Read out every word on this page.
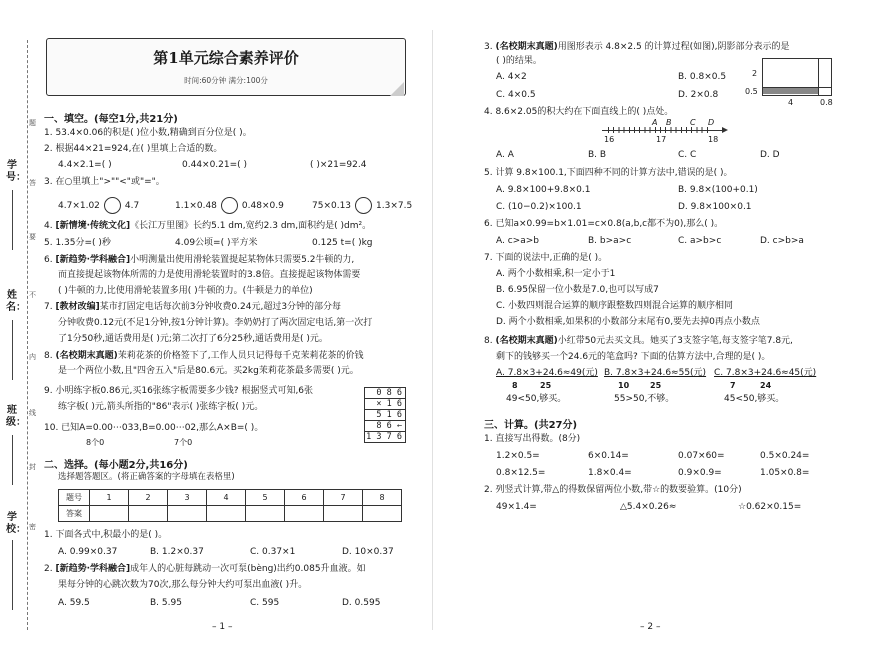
学号：
姓名：
班级：
学校：
题
答
要
不
内
线
封
密
第1单元综合素养评价
时间:60分钟 满分:100分
一、填空。(每空1分,共21分)
1. 53.4×0.06的积是( )位小数,精确到百分位是( )。
2. 根据44×21=924,在( )里填上合适的数。
4.4×2.1=( )	0.44×0.21=( )	( )×21=92.4
3. 在○里填上">""<"或"="。
4.7×1.02	4.7	1.1×0.48	0.48×0.9	75×0.13	1.3×7.5
4. [新情境·传统文化]《长江万里图》长约5.1 dm,宽约2.3 dm,面积约是( )dm²。
5. 1.35分=( )秒	4.09公顷=( )平方米	0.125 t=( )kg
6. [新趋势·学科融合]小明测量出使用滑轮装置提起某物体只需要5.2牛顿的力,
而直接提起该物体所需的力是使用滑轮装置时的3.8倍。直接提起该物体需要
( )牛顿的力,比使用滑轮装置多用( )牛顿的力。(牛顿是力的单位)
7. [教材改编]某市打固定电话每次前3分钟收费0.24元,超过3分钟的部分每
分钟收费0.12元(不足1分钟,按1分钟计算)。李奶奶打了两次固定电话,第一次打
了1分50秒,通话费用是( )元;第二次打了6分25秒,通话费用是( )元。
8. (名校期末真题)茉莉花茶的价格签下了,工作人员只记得每千克茉莉花茶的价钱
是一个两位小数,且"四舍五入"后是80.6元。买2kg茉莉花茶最多需要( )元。
9. 小明练字板0.86元,买16张练字板需要多少钱? 根据竖式可知,6张
练字板( )元,箭头所指的"86"表示( )张练字板( )元。
0 8 6
× 1 6
5 1 6
8 6 ←
1 3 7 6
10. 已知A=0.00⋯033,B=0.00⋯02,那么A×B=( )。
8个0	7个0
二、选择。(每小题2分,共16分)
选择题答题区。(将正确答案的字母填在表格里)
题号	1	2	3	4	5	6	7	8
答案								
1. 下面各式中,积最小的是( )。
A. 0.99×0.37	B. 1.2×0.37	C. 0.37×1	D. 10×0.37
2. [新趋势·学科融合]成年人的心脏每跳动一次可泵(bèng)出约0.085升血液。如
果每分钟的心跳次数为70次,那么每分钟大约可泵出血液( )升。
A. 59.5	B. 5.95	C. 595	D. 0.595
– 1 –
3. (名校期末真题)用图形表示 4.8×2.5 的计算过程(如图),阴影部分表示的是
( )的结果。
A. 4×2	B. 0.8×0.5
C. 4×0.5	D. 2×0.8
2
0.5
4	0.8
4. 8.6×2.05的积大约在下面直线上的( )点处。
16	17	18
A B C D
A. A	B. B	C. C	D. D
5. 计算 9.8×100.1,下面四种不同的计算方法中,错误的是( )。
A. 9.8×100+9.8×0.1	B. 9.8×(100+0.1)
C. (10−0.2)×100.1	D. 9.8×100×0.1
6. 已知a×0.99=b×1.01=c×0.8(a,b,c都不为0),那么( )。
A. c>a>b	B. b>a>c	C. a>b>c	D. c>b>a
7. 下面的说法中,正确的是( )。
A. 两个小数相乘,积一定小于1
B. 6.95保留一位小数是7.0,也可以写成7
C. 小数四则混合运算的顺序跟整数四则混合运算的顺序相同
D. 两个小数相乘,如果积的小数部分末尾有0,要先去掉0再点小数点
8. (名校期末真题)小红带50元去买文具。她买了3支签字笔,每支签字笔7.8元,
剩下的钱够买一个24.6元的笔盒吗? 下面的估算方法中,合理的是( )。
A. 7.8×3+24.6≈49(元)
8	25
49<50,够买。
B. 7.8×3+24.6≈55(元)
10	25
55>50,不够。
C. 7.8×3+24.6≈45(元)
7	24
45<50,够买。
三、计算。(共27分)
1. 直接写出得数。(8分)
1.2×0.5=	6×0.14=	0.07×60=	0.5×0.24=
0.8×12.5=	1.8×0.4=	0.9×0.9=	1.05×0.8=
2. 列竖式计算,带△的得数保留两位小数,带☆的数要验算。(10分)
49×1.4=	△5.4×0.26≈	☆0.62×0.15=
– 2 –
